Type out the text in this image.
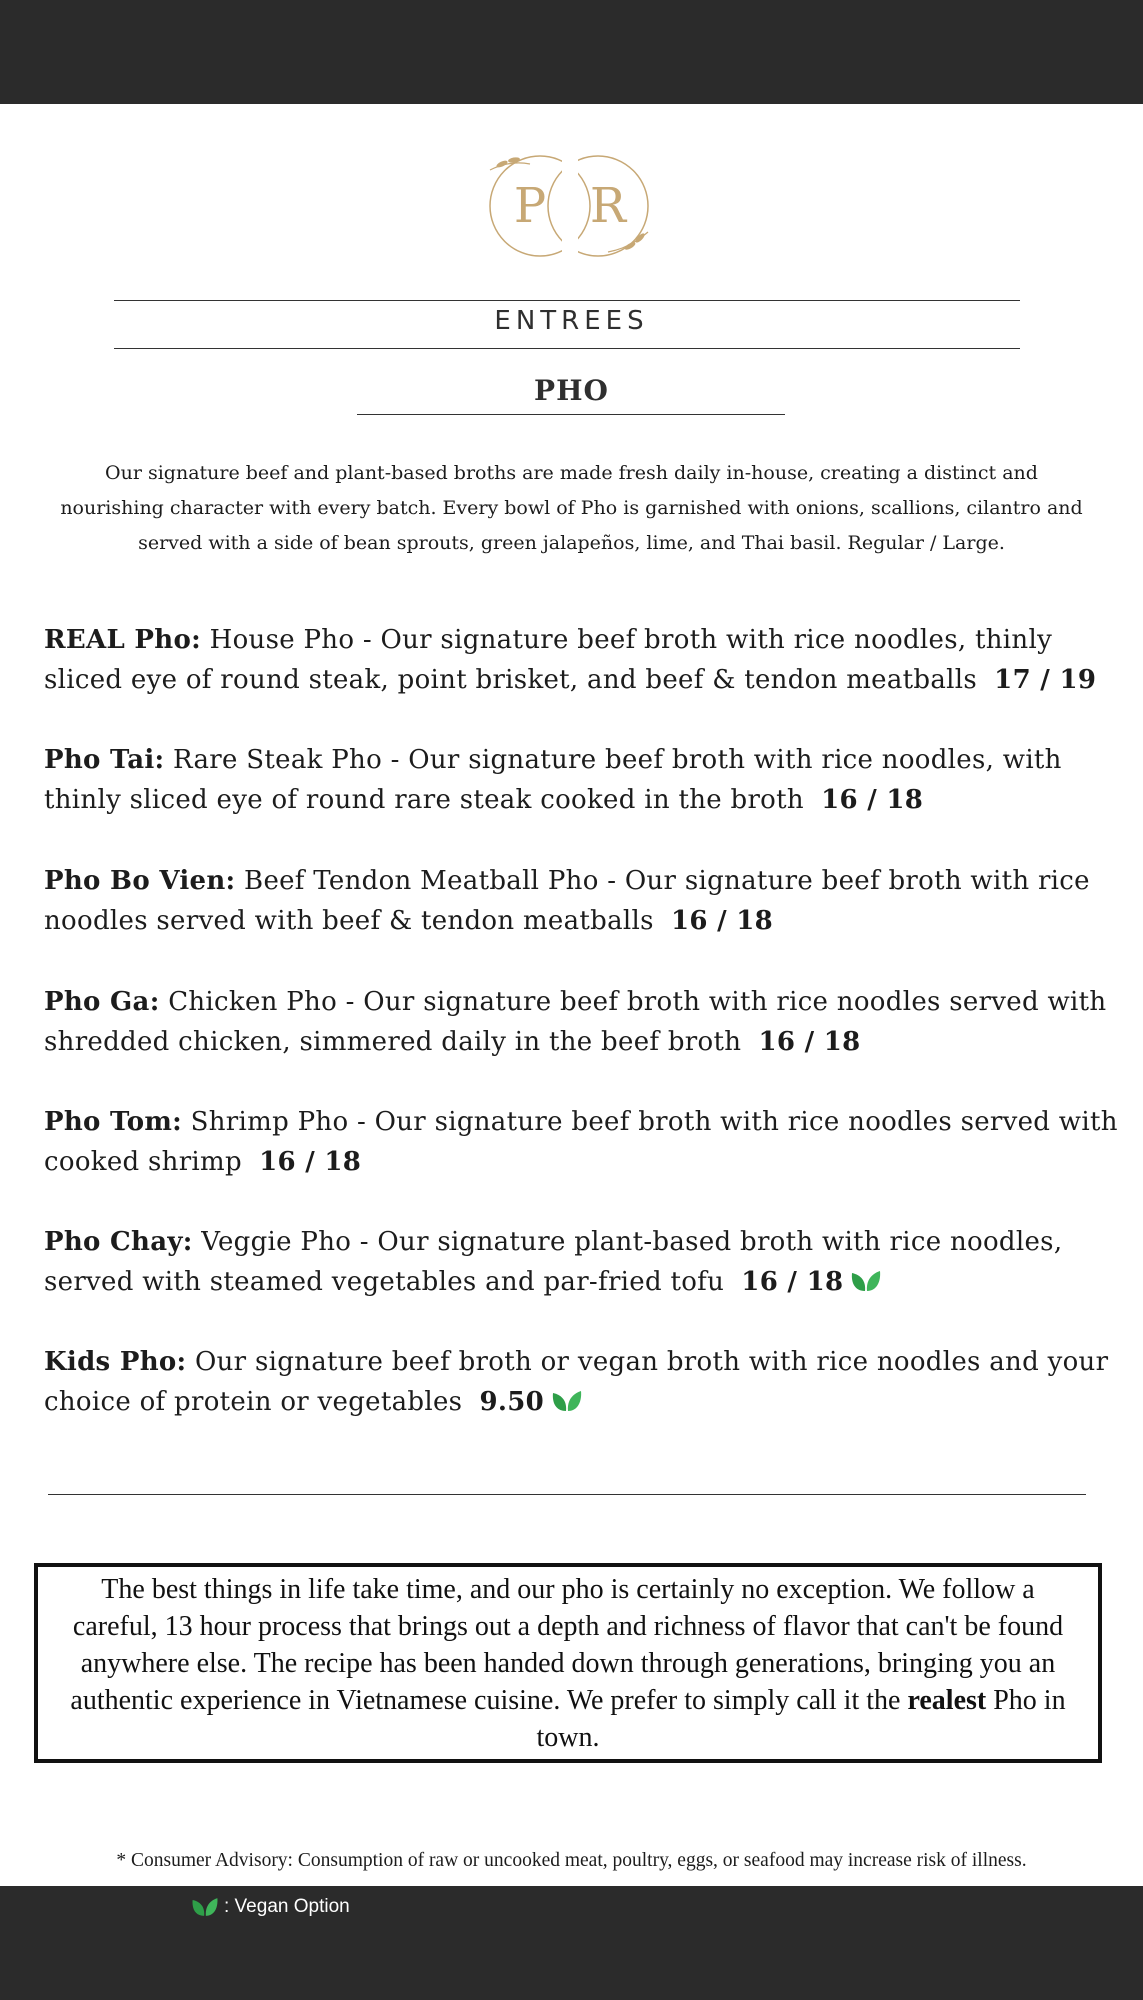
P R
ENTREES
PHO
Our signature beef and plant-based broths are made fresh daily in-house, creating a distinct and nourishing character with every batch. Every bowl of Pho is garnished with onions, scallions, cilantro and served with a side of bean sprouts, green jalapeños, lime, and Thai basil. Regular / Large.
REAL Pho: House Pho - Our signature beef broth with rice noodles, thinly sliced eye of round steak, point brisket, and beef & tendon meatballs 17 / 19
Pho Tai: Rare Steak Pho - Our signature beef broth with rice noodles, with thinly sliced eye of round rare steak cooked in the broth 16 / 18
Pho Bo Vien: Beef Tendon Meatball Pho - Our signature beef broth with rice noodles served with beef & tendon meatballs 16 / 18
Pho Ga: Chicken Pho - Our signature beef broth with rice noodles served with shredded chicken, simmered daily in the beef broth 16 / 18
Pho Tom: Shrimp Pho - Our signature beef broth with rice noodles served with cooked shrimp 16 / 18
Pho Chay: Veggie Pho - Our signature plant-based broth with rice noodles, served with steamed vegetables and par-fried tofu 16 / 18
Kids Pho: Our signature beef broth or vegan broth with rice noodles and your choice of protein or vegetables 9.50
The best things in life take time, and our pho is certainly no exception. We follow a careful, 13 hour process that brings out a depth and richness of flavor that can't be found anywhere else. The recipe has been handed down through generations, bringing you an authentic experience in Vietnamese cuisine. We prefer to simply call it the realest Pho in town.
* Consumer Advisory: Consumption of raw or uncooked meat, poultry, eggs, or seafood may increase risk of illness.
: Vegan Option
